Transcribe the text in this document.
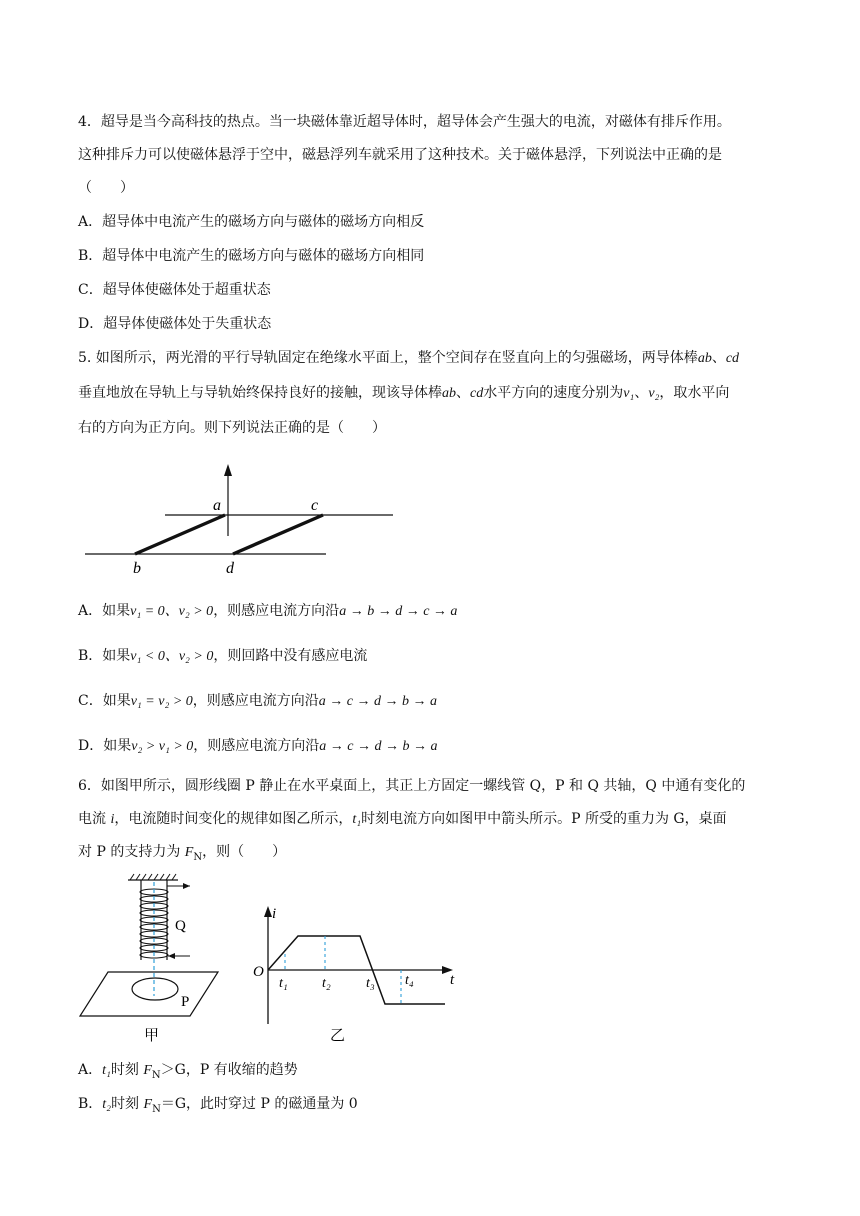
4．超导是当今高科技的热点。当一块磁体靠近超导体时，超导体会产生强大的电流，对磁体有排斥作用。
这种排斥力可以使磁体悬浮于空中，磁悬浮列车就采用了这种技术。关于磁体悬浮，下列说法中正确的是
（　　）
A．超导体中电流产生的磁场方向与磁体的磁场方向相反
B．超导体中电流产生的磁场方向与磁体的磁场方向相同
C．超导体使磁体处于超重状态
D．超导体使磁体处于失重状态
5. 如图所示，两光滑的平行导轨固定在绝缘水平面上，整个空间存在竖直向上的匀强磁场，两导体棒ab、cd
垂直地放在导轨上与导轨始终保持良好的接触，现该导体棒ab、cd水平方向的速度分别为v₁、v₂，取水平向
右的方向为正方向。则下列说法正确的是（　　）
a	c
b	d
A．如果v₁ = 0、v₂ > 0，则感应电流方向沿a → b → d → c → a
B．如果v₁ < 0、v₂ > 0，则回路中没有感应电流
C．如果v₁ = v₂ > 0，则感应电流方向沿a → c → d → b → a
D．如果v₂ > v₁ > 0，则感应电流方向沿a → c → d → b → a
6．如图甲所示，圆形线圈 P 静止在水平桌面上，其正上方固定一螺线管 Q，P 和 Q 共轴，Q 中通有变化的
电流 i，电流随时间变化的规律如图乙所示，t₁时刻电流方向如图甲中箭头所示。P 所受的重力为 G，桌面
对 P 的支持力为 $F_N$，则（　　）
Q
P
甲
i
O	t
t₁ t₂	t₃ t₄
乙
A．t₁时刻 $F_N>G$，P 有收缩的趋势
B．t₂时刻 $F_N=G$，此时穿过 P 的磁通量为 0
